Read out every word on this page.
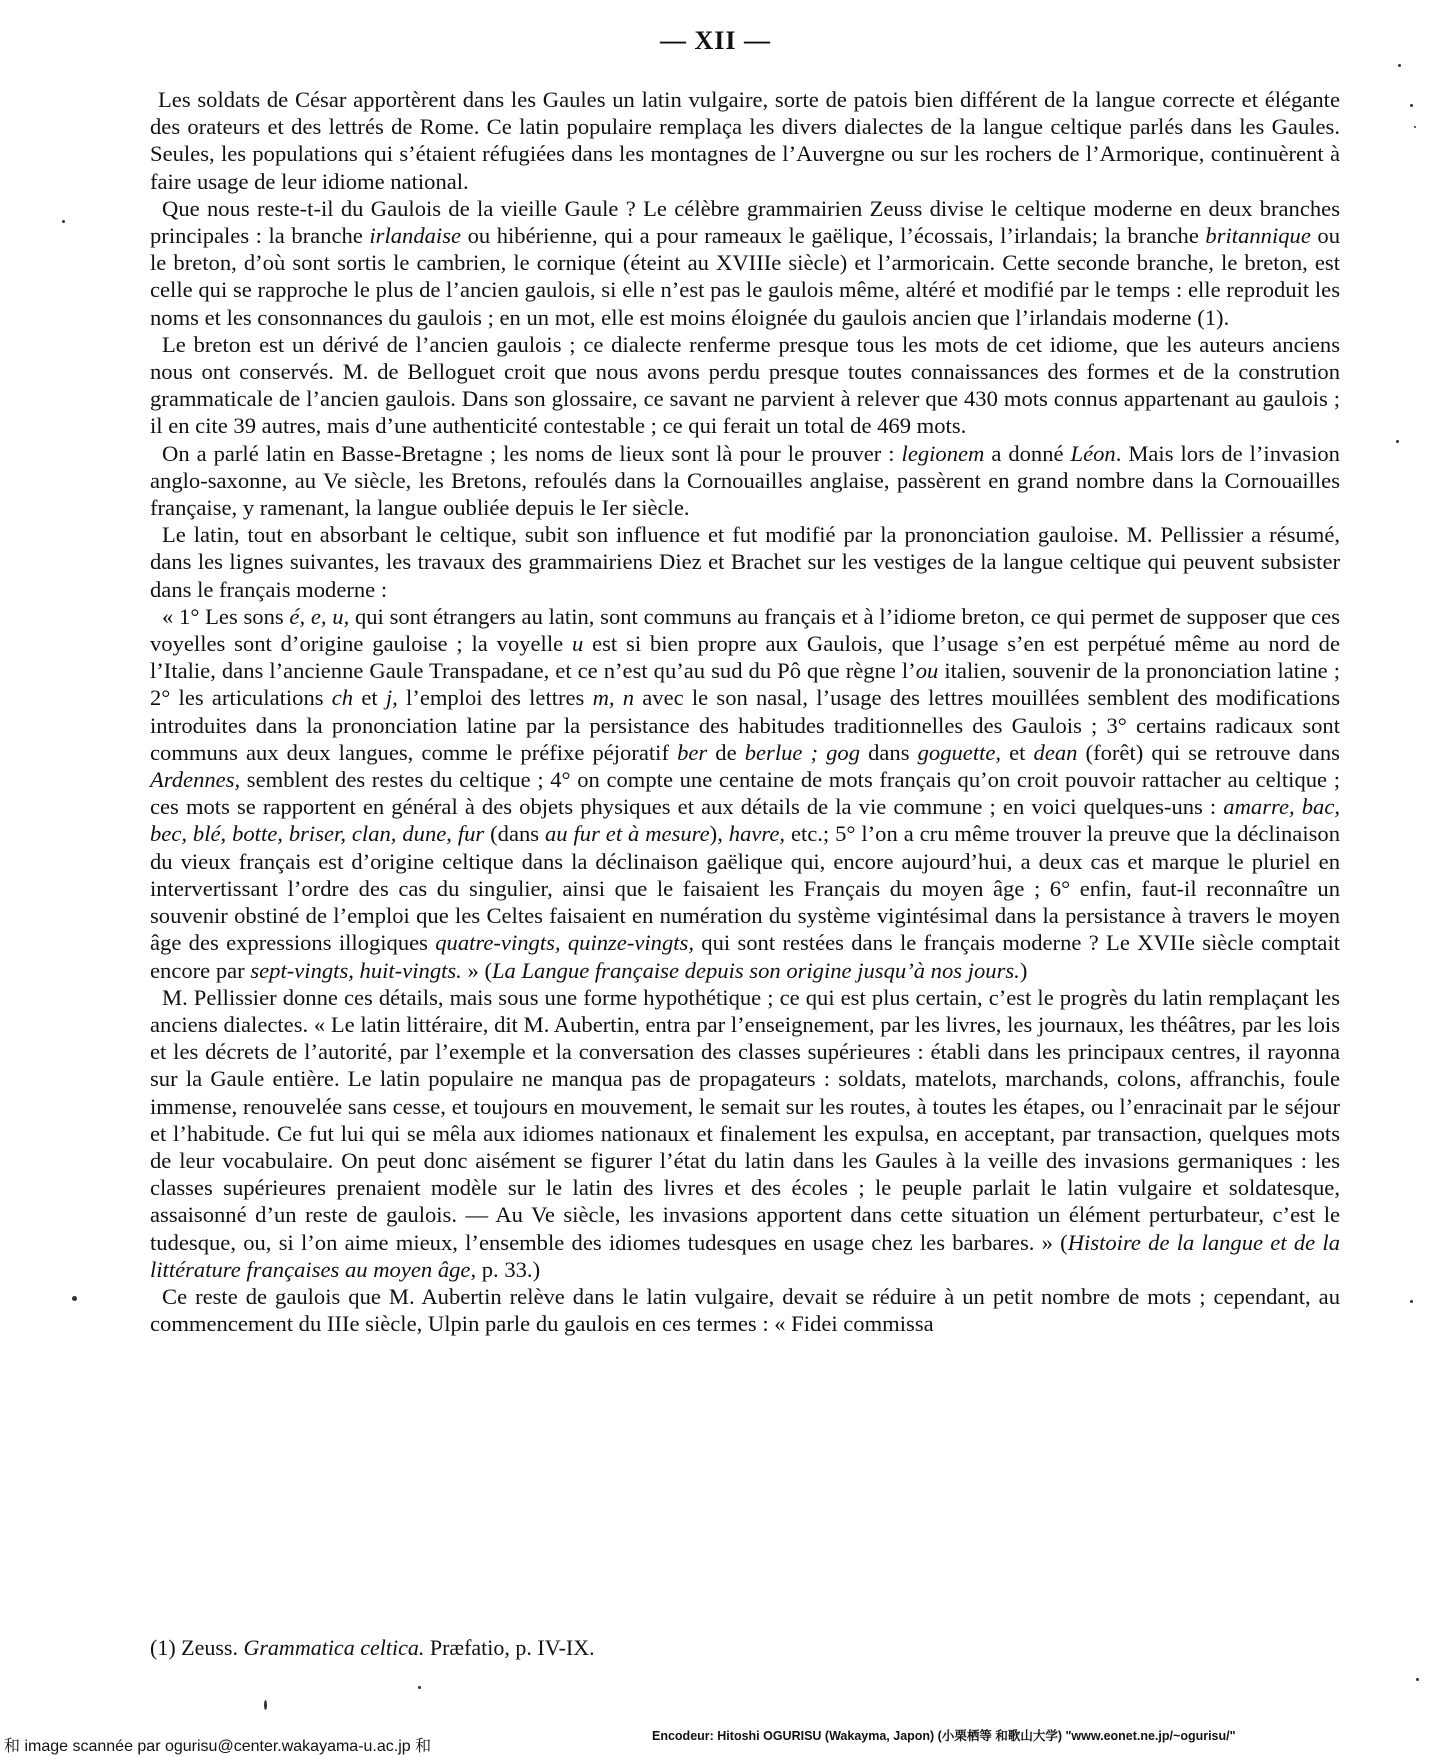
— XII —

Les soldats de César apportèrent dans les Gaules un latin vulgaire, sorte de patois bien différent de la langue correcte et élégante des orateurs et des lettrés de Rome. Ce latin populaire remplaça les divers dialectes de la langue celtique parlés dans les Gaules. Seules, les populations qui s’étaient réfugiées dans les montagnes de l’Auvergne ou sur les rochers de l’Armorique, continuèrent à faire usage de leur idiome national.

Que nous reste-t-il du Gaulois de la vieille Gaule ? Le célèbre grammairien Zeuss divise le celtique moderne en deux branches principales : la branche irlandaise ou hibérienne, qui a pour rameaux le gaëlique, l’écossais, l’irlandais; la branche britannique ou le breton, d’où sont sortis le cambrien, le cornique (éteint au XVIIIe siècle) et l’armoricain. Cette seconde branche, le breton, est celle qui se rapproche le plus de l’ancien gaulois, si elle n’est pas le gaulois même, altéré et modifié par le temps : elle reproduit les noms et les consonnances du gaulois ; en un mot, elle est moins éloignée du gaulois ancien que l’irlandais moderne (1).

Le breton est un dérivé de l’ancien gaulois ; ce dialecte renferme presque tous les mots de cet idiome, que les auteurs anciens nous ont conservés. M. de Belloguet croit que nous avons perdu presque toutes connaissances des formes et de la constrution grammaticale de l’ancien gaulois. Dans son glossaire, ce savant ne parvient à relever que 430 mots connus appartenant au gaulois ; il en cite 39 autres, mais d’une authenticité contestable ; ce qui ferait un total de 469 mots.

On a parlé latin en Basse-Bretagne ; les noms de lieux sont là pour le prouver : legionem a donné Léon. Mais lors de l’invasion anglo-saxonne, au Ve siècle, les Bretons, refoulés dans la Cornouailles anglaise, passèrent en grand nombre dans la Cornouailles française, y ramenant, la langue oubliée depuis le Ier siècle.

Le latin, tout en absorbant le celtique, subit son influence et fut modifié par la prononciation gauloise. M. Pellissier a résumé, dans les lignes suivantes, les travaux des grammairiens Diez et Brachet sur les vestiges de la langue celtique qui peuvent subsister dans le français moderne :

« 1° Les sons é, e, u, qui sont étrangers au latin, sont communs au français et à l’idiome breton, ce qui permet de supposer que ces voyelles sont d’origine gauloise ; la voyelle u est si bien propre aux Gaulois, que l’usage s’en est perpétué même au nord de l’Italie, dans l’ancienne Gaule Transpadane, et ce n’est qu’au sud du Pô que règne l’ou italien, souvenir de la prononciation latine ; 2° les articulations ch et j, l’emploi des lettres m, n avec le son nasal, l’usage des lettres mouillées semblent des modifications introduites dans la prononciation latine par la persistance des habitudes traditionnelles des Gaulois ; 3° certains radicaux sont communs aux deux langues, comme le préfixe péjoratif ber de berlue ; gog dans goguette, et dean (forêt) qui se retrouve dans Ardennes, semblent des restes du celtique ; 4° on compte une centaine de mots français qu’on croit pouvoir rattacher au celtique ; ces mots se rapportent en général à des objets physiques et aux détails de la vie commune ; en voici quelques-uns : amarre, bac, bec, blé, botte, briser, clan, dune, fur (dans au fur et à mesure), havre, etc.; 5° l’on a cru même trouver la preuve que la déclinaison du vieux français est d’origine celtique dans la déclinaison gaëlique qui, encore aujourd’hui, a deux cas et marque le pluriel en intervertissant l’ordre des cas du singulier, ainsi que le faisaient les Français du moyen âge ; 6° enfin, faut-il reconnaître un souvenir obstiné de l’emploi que les Celtes faisaient en numération du système vigintésimal dans la persistance à travers le moyen âge des expressions illogiques quatre-vingts, quinze-vingts, qui sont restées dans le français moderne ? Le XVIIe siècle comptait encore par sept-vingts, huit-vingts. » (La Langue française depuis son origine jusqu’à nos jours.)

M. Pellissier donne ces détails, mais sous une forme hypothétique ; ce qui est plus certain, c’est le progrès du latin remplaçant les anciens dialectes. « Le latin littéraire, dit M. Aubertin, entra par l’enseignement, par les livres, les journaux, les théâtres, par les lois et les décrets de l’autorité, par l’exemple et la conversation des classes supérieures : établi dans les principaux centres, il rayonna sur la Gaule entière. Le latin populaire ne manqua pas de propagateurs : soldats, matelots, marchands, colons, affranchis, foule immense, renouvelée sans cesse, et toujours en mouvement, le semait sur les routes, à toutes les étapes, ou l’enracinait par le séjour et l’habitude. Ce fut lui qui se mêla aux idiomes nationaux et finalement les expulsa, en acceptant, par transaction, quelques mots de leur vocabulaire. On peut donc aisément se figurer l’état du latin dans les Gaules à la veille des invasions germaniques : les classes supérieures prenaient modèle sur le latin des livres et des écoles ; le peuple parlait le latin vulgaire et soldatesque, assaisonné d’un reste de gaulois. — Au Ve siècle, les invasions apportent dans cette situation un élément perturbateur, c’est le tudesque, ou, si l’on aime mieux, l’ensemble des idiomes tudesques en usage chez les barbares. » (Histoire de la langue et de la littérature françaises au moyen âge, p. 33.)

Ce reste de gaulois que M. Aubertin relève dans le latin vulgaire, devait se réduire à un petit nombre de mots ; cependant, au commencement du IIIe siècle, Ulpin parle du gaulois en ces termes : « Fidei commissa

(1) Zeuss. Grammatica celtica. Præfatio, p. IV-IX.
Encodeur: Hitoshi OGURISU (Wakayma, Japon) (小栗栖等 和歌山大学) "www.eonet.ne.jp/~ogurisu/"
和 image scannée par ogurisu@center.wakayama-u.ac.jp 和
